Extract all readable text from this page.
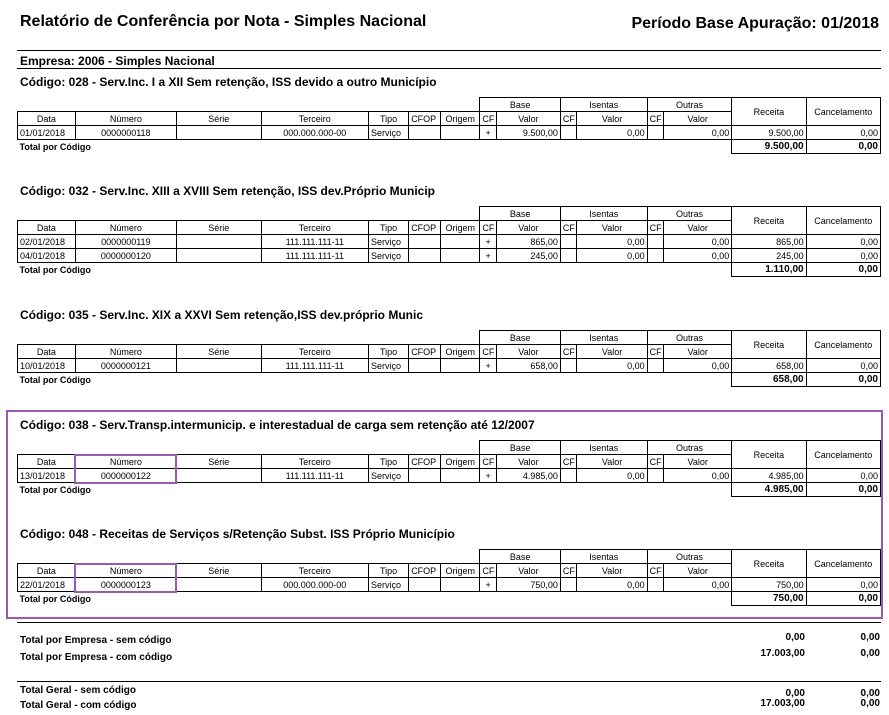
Relatório de Conferência por Nota - Simples Nacional	Período Base Apuração: 01/2018
Empresa: 2006 - Simples Nacional
Código: 028 - Serv.Inc. I a XII Sem retenção, ISS devido a outro Município
							Base		Isentas		Outras		Receita	Cancelamento
Data	Número	Série	Terceiro	Tipo	CFOP	Origem	CF	Valor	CF	Valor	CF	Valor		
01/01/2018	0000000118		000.000.000-00	Serviço			+	9.500,00		0,00		0,00	9.500,00	0,00
Total por Código													9.500,00	0,00
Código: 032 - Serv.Inc. XIII a XVIII Sem retenção, ISS dev.Próprio Municip
							Base		Isentas		Outras		Receita	Cancelamento
Data	Número	Série	Terceiro	Tipo	CFOP	Origem	CF	Valor	CF	Valor	CF	Valor		
02/01/2018	0000000119		111.111.111-11	Serviço			+	865,00		0,00		0,00	865,00	0,00
04/01/2018	0000000120		111.111.111-11	Serviço			+	245,00		0,00		0,00	245,00	0,00
Total por Código													1.110,00	0,00
Código: 035 - Serv.Inc. XIX a XXVI Sem retenção,ISS dev.próprio Munic
							Base		Isentas		Outras		Receita	Cancelamento
Data	Número	Série	Terceiro	Tipo	CFOP	Origem	CF	Valor	CF	Valor	CF	Valor		
10/01/2018	0000000121		111.111.111-11	Serviço			+	658,00		0,00		0,00	658,00	0,00
Total por Código													658,00	0,00
Código: 038 - Serv.Transp.intermunicip. e interestadual de carga sem retenção até 12/2007
							Base		Isentas		Outras		Receita	Cancelamento
Data	Número	Série	Terceiro	Tipo	CFOP	Origem	CF	Valor	CF	Valor	CF	Valor		
13/01/2018	0000000122		111.111.111-11	Serviço			+	4.985,00		0,00		0,00	4.985,00	0,00
Total por Código													4.985,00	0,00
Código: 048 - Receitas de Serviços s/Retenção Subst. ISS Próprio Município
							Base		Isentas		Outras		Receita	Cancelamento
Data	Número	Série	Terceiro	Tipo	CFOP	Origem	CF	Valor	CF	Valor	CF	Valor		
22/01/2018	0000000123		000.000.000-00	Serviço			+	750,00		0,00		0,00	750,00	0,00
Total por Código													750,00	0,00
Total por Empresa - sem código	0,00	0,00
Total por Empresa - com código	17.003,00	0,00
Total Geral - sem código	0,00	0,00
Total Geral - com código	17.003,00	0,00
